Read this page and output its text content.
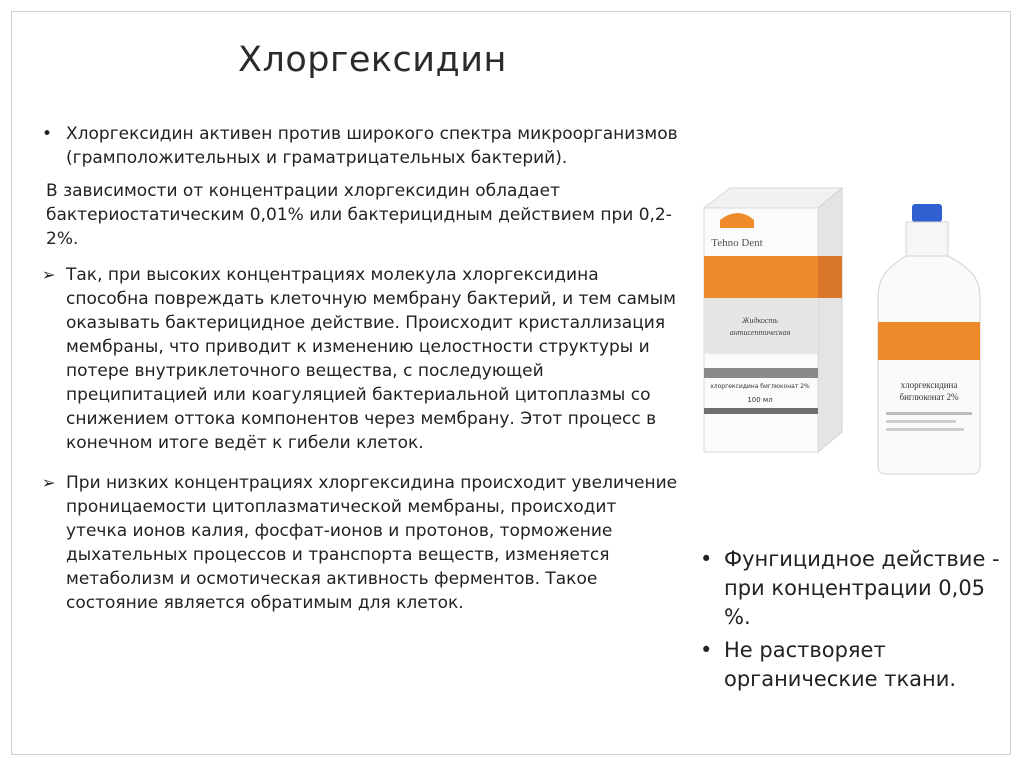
Хлоргексидин
• Хлоргексидин активен против широкого спектра микроорганизмов (грамположительных и граматрицательных бактерий).
В зависимости от концентрации хлоргексидин обладает бактериостатическим 0,01% или бактерицидным действием при 0,2-2%.
➢ Так, при высоких концентрациях молекула хлоргексидина способна повреждать клеточную мембрану бактерий, и тем самым оказывать бактерицидное действие. Происходит кристаллизация мембраны, что приводит к изменению целостности структуры и потере внутриклеточного вещества, с последующей преципитацией или коагуляцией бактериальной цитоплазмы со снижением оттока компонентов через мембрану. Этот процесс в конечном итоге ведёт к гибели клеток.
➢ При низких концентрациях хлоргексидина происходит увеличение проницаемости цитоплазматической мембраны, происходит утечка ионов калия, фосфат-ионов и протонов, торможение дыхательных процессов и транспорта веществ, изменяется метаболизм и осмотическая активность ферментов. Такое состояние является обратимым для клеток.
Tehno Dent
Жидкость
антисептическая
хлоргексидина биглюконат 2%
100 мл
хлоргексидина
биглюконат 2%
• Фунгицидное действие - при концентрации 0,05 %.
• Не растворяет органические ткани.
